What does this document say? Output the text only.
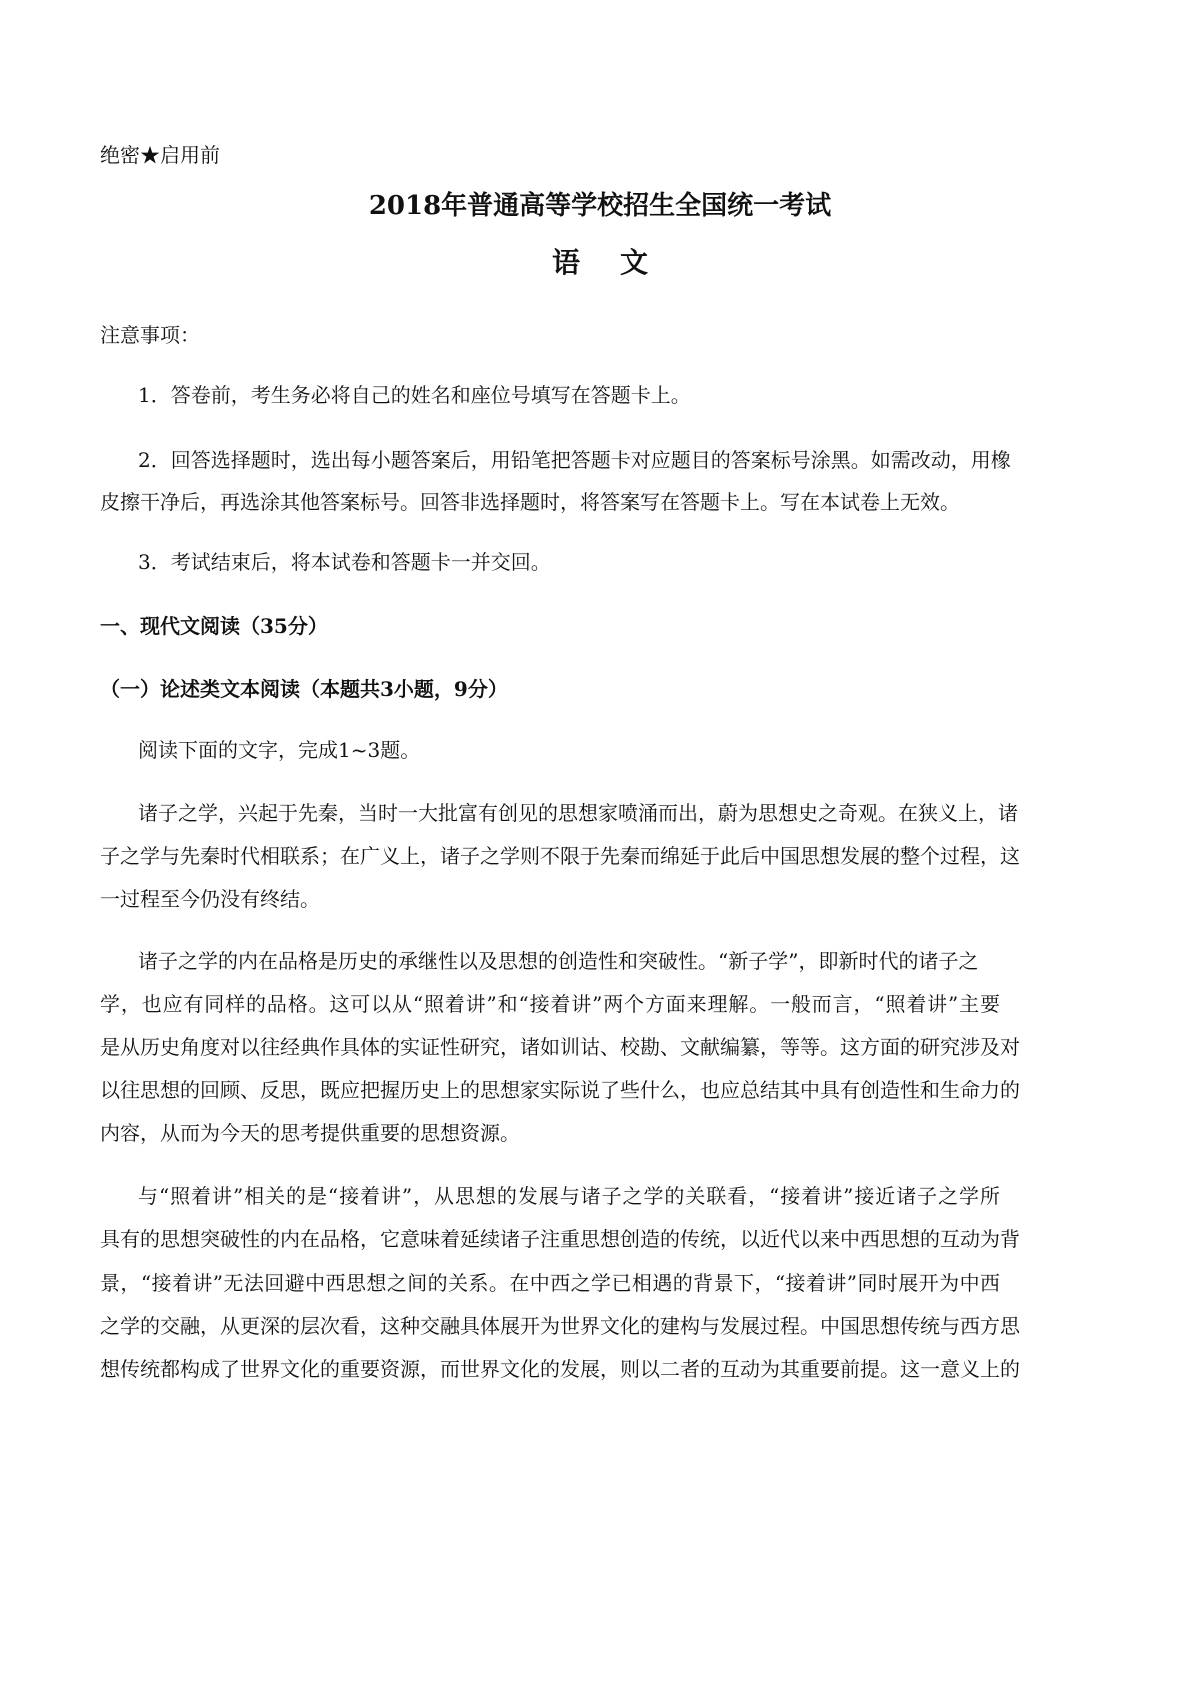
绝密★启用前
2018年普通高等学校招生全国统一考试
语文
注意事项：
1．答卷前，考生务必将自己的姓名和座位号填写在答题卡上。
2．回答选择题时，选出每小题答案后，用铅笔把答题卡对应题目的答案标号涂黑。如需改动，用橡
皮擦干净后，再选涂其他答案标号。回答非选择题时，将答案写在答题卡上。写在本试卷上无效。
3．考试结束后，将本试卷和答题卡一并交回。
一、现代文阅读（35分）
（一）论述类文本阅读（本题共3小题，9分）
阅读下面的文字，完成1~3题。
诸子之学，兴起于先秦，当时一大批富有创见的思想家喷涌而出，蔚为思想史之奇观。在狭义上，诸
子之学与先秦时代相联系；在广义上，诸子之学则不限于先秦而绵延于此后中国思想发展的整个过程，这
一过程至今仍没有终结。
诸子之学的内在品格是历史的承继性以及思想的创造性和突破性。“新子学”，即新时代的诸子之
学，也应有同样的品格。这可以从“照着讲”和“接着讲”两个方面来理解。一般而言，“照着讲”主要
是从历史角度对以往经典作具体的实证性研究，诸如训诂、校勘、文献编纂，等等。这方面的研究涉及对
以往思想的回顾、反思，既应把握历史上的思想家实际说了些什么，也应总结其中具有创造性和生命力的
内容，从而为今天的思考提供重要的思想资源。
与“照着讲”相关的是“接着讲”，从思想的发展与诸子之学的关联看，“接着讲”接近诸子之学所
具有的思想突破性的内在品格，它意味着延续诸子注重思想创造的传统，以近代以来中西思想的互动为背
景，“接着讲”无法回避中西思想之间的关系。在中西之学已相遇的背景下，“接着讲”同时展开为中西
之学的交融，从更深的层次看，这种交融具体展开为世界文化的建构与发展过程。中国思想传统与西方思
想传统都构成了世界文化的重要资源，而世界文化的发展，则以二者的互动为其重要前提。这一意义上的
